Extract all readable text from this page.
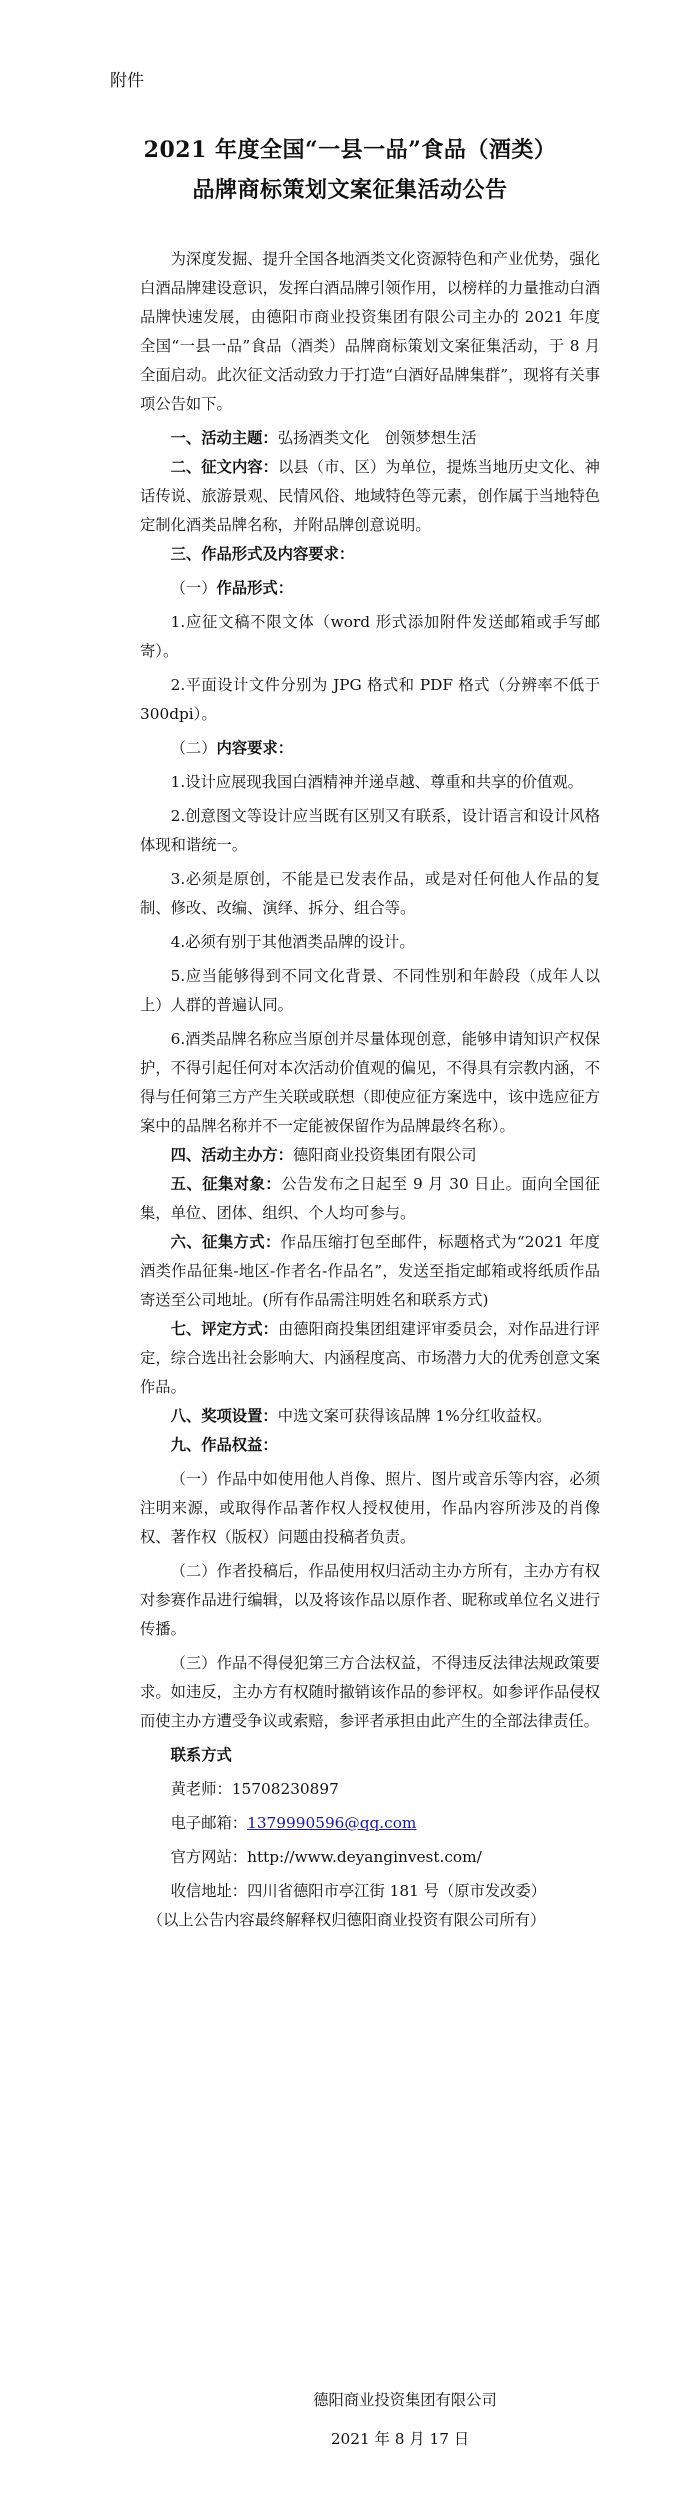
附件
2021 年度全国“一县一品”食品（酒类）
品牌商标策划文案征集活动公告

为深度发掘、提升全国各地酒类文化资源特色和产业优势，强化白酒品牌建设意识，发挥白酒品牌引领作用，以榜样的力量推动白酒品牌快速发展，由德阳市商业投资集团有限公司主办的 2021 年度全国“一县一品”食品（酒类）品牌商标策划文案征集活动，于 8 月全面启动。此次征文活动致力于打造“白酒好品牌集群”，现将有关事项公告如下。

一、活动主题：弘扬酒类文化　创领梦想生活

二、征文内容：以县（市、区）为单位，提炼当地历史文化、神话传说、旅游景观、民情风俗、地域特色等元素，创作属于当地特色定制化酒类品牌名称，并附品牌创意说明。

三、作品形式及内容要求：

（一）作品形式：

1.应征文稿不限文体（word 形式添加附件发送邮箱或手写邮寄）。

2.平面设计文件分别为 JPG 格式和 PDF 格式（分辨率不低于 300dpi）。

（二）内容要求：

1.设计应展现我国白酒精神并递卓越、尊重和共享的价值观。

2.创意图文等设计应当既有区别又有联系，设计语言和设计风格体现和谐统一。

3.必须是原创，不能是已发表作品，或是对任何他人作品的复制、修改、改编、演绎、拆分、组合等。

4.必须有别于其他酒类品牌的设计。

5.应当能够得到不同文化背景、不同性别和年龄段（成年人以上）人群的普遍认同。

6.酒类品牌名称应当原创并尽量体现创意，能够申请知识产权保护，不得引起任何对本次活动价值观的偏见，不得具有宗教内涵，不得与任何第三方产生关联或联想（即使应征方案选中，该中选应征方案中的品牌名称并不一定能被保留作为品牌最终名称）。

四、活动主办方：德阳商业投资集团有限公司

五、征集对象：公告发布之日起至 9 月 30 日止。面向全国征集，单位、团体、组织、个人均可参与。

六、征集方式：作品压缩打包至邮件，标题格式为“2021 年度酒类作品征集-地区-作者名-作品名”，发送至指定邮箱或将纸质作品寄送至公司地址。(所有作品需注明姓名和联系方式)

七、评定方式：由德阳商投集团组建评审委员会，对作品进行评定，综合选出社会影响大、内涵程度高、市场潜力大的优秀创意文案作品。

八、奖项设置：中选文案可获得该品牌 1%分红收益权。

九、作品权益：

（一）作品中如使用他人肖像、照片、图片或音乐等内容，必须注明来源，或取得作品著作权人授权使用，作品内容所涉及的肖像权、著作权（版权）问题由投稿者负责。

（二）作者投稿后，作品使用权归活动主办方所有，主办方有权对参赛作品进行编辑，以及将该作品以原作者、昵称或单位名义进行传播。

（三）作品不得侵犯第三方合法权益，不得违反法律法规政策要求。如违反，主办方有权随时撤销该作品的参评权。如参评作品侵权而使主办方遭受争议或索赔，参评者承担由此产生的全部法律责任。

联系方式

黄老师：15708230897

电子邮箱：1379990596@qq.com

官方网站：http://www.deyanginvest.com/

收信地址：四川省德阳市亭江街 181 号（原市发改委）

（以上公告内容最终解释权归德阳商业投资有限公司所有）

德阳商业投资集团有限公司
2021 年 8 月 17 日
